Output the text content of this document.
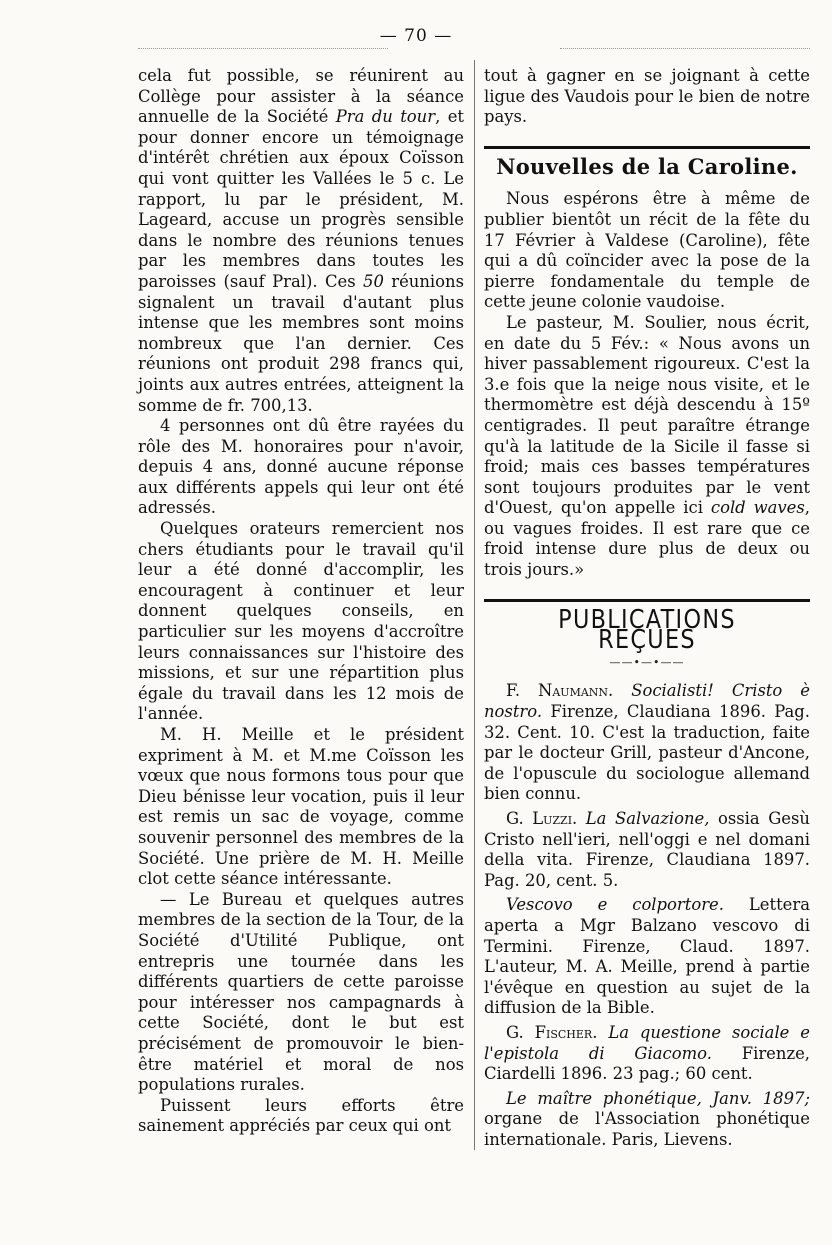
— 70 —

cela fut possible, se réunirent au Collège pour assister à la séance annuelle de la Société Pra du tour, et pour donner encore un témoignage d'intérêt chrétien aux époux Coïsson qui vont quitter les Vallées le 5 c. Le rapport, lu par le président, M. Lageard, accuse un progrès sensible dans le nombre des réunions tenues par les membres dans toutes les paroisses (sauf Pral). Ces 50 réunions signalent un travail d'autant plus intense que les membres sont moins nombreux que l'an dernier. Ces réunions ont produit 298 francs qui, joints aux autres entrées, atteignent la somme de fr. 700,13.

4 personnes ont dû être rayées du rôle des M. honoraires pour n'avoir, depuis 4 ans, donné aucune réponse aux différents appels qui leur ont été adressés.

Quelques orateurs remercient nos chers étudiants pour le travail qu'il leur a été donné d'accomplir, les encouragent à continuer et leur donnent quelques conseils, en particulier sur les moyens d'accroître leurs connaissances sur l'histoire des missions, et sur une répartition plus égale du travail dans les 12 mois de l'année.

M. H. Meille et le président expriment à M. et M.me Coïsson les vœux que nous formons tous pour que Dieu bénisse leur vocation, puis il leur est remis un sac de voyage, comme souvenir personnel des membres de la Société. Une prière de M. H. Meille clot cette séance intéressante.

— Le Bureau et quelques autres membres de la section de la Tour, de la Société d'Utilité Publique, ont entrepris une tournée dans les différents quartiers de cette paroisse pour intéresser nos campagnards à cette Société, dont le but est précisément de promouvoir le bien-être matériel et moral de nos populations rurales.

Puissent leurs efforts être sainement appréciés par ceux qui ont

tout à gagner en se joignant à cette ligue des Vaudois pour le bien de notre pays.

Nouvelles de la Caroline.

Nous espérons être à même de publier bientôt un récit de la fête du 17 Février à Valdese (Caroline), fête qui a dû coïncider avec la pose de la pierre fondamentale du temple de cette jeune colonie vaudoise.

Le pasteur, M. Soulier, nous écrit, en date du 5 Fév.: « Nous avons un hiver passablement rigoureux. C'est la 3.e fois que la neige nous visite, et le thermomètre est déjà descendu à 15º centigrades. Il peut paraître étrange qu'à la latitude de la Sicile il fasse si froid; mais ces basses températures sont toujours produites par le vent d'Ouest, qu'on appelle ici cold waves, ou vagues froides. Il est rare que ce froid intense dure plus de deux ou trois jours.»

PUBLICATIONS REÇUES
——•—•——

F. Naumann. Socialisti! Cristo è nostro. Firenze, Claudiana 1896. Pag. 32. Cent. 10. C'est la traduction, faite par le docteur Grill, pasteur d'Ancone, de l'opuscule du sociologue allemand bien connu.

G. Luzzi. La Salvazione, ossia Gesù Cristo nell'ieri, nell'oggi e nel domani della vita. Firenze, Claudiana 1897. Pag. 20, cent. 5.

Vescovo e colportore. Lettera aperta a Mgr Balzano vescovo di Termini. Firenze, Claud. 1897. L'auteur, M. A. Meille, prend à partie l'évêque en question au sujet de la diffusion de la Bible.

G. Fischer. La questione sociale e l'epistola di Giacomo. Firenze, Ciardelli 1896. 23 pag.; 60 cent.

Le maître phonétique, Janv. 1897; organe de l'Association phonétique internationale. Paris, Lievens.
